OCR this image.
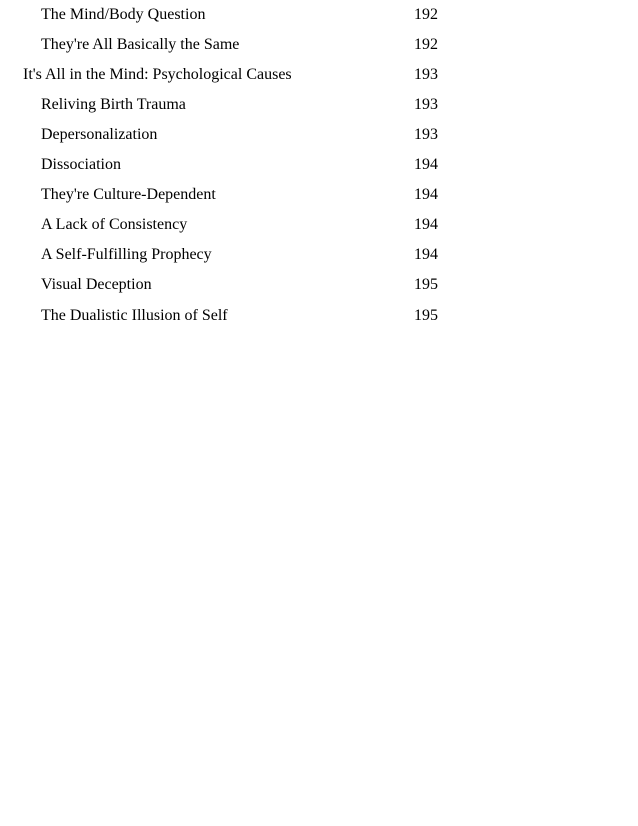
The Mind/Body Question	192
They're All Basically the Same	192
It's All in the Mind: Psychological Causes	193
Reliving Birth Trauma	193
Depersonalization	193
Dissociation	194
They're Culture-Dependent	194
A Lack of Consistency	194
A Self-Fulfilling Prophecy	194
Visual Deception	195
The Dualistic Illusion of Self	195
